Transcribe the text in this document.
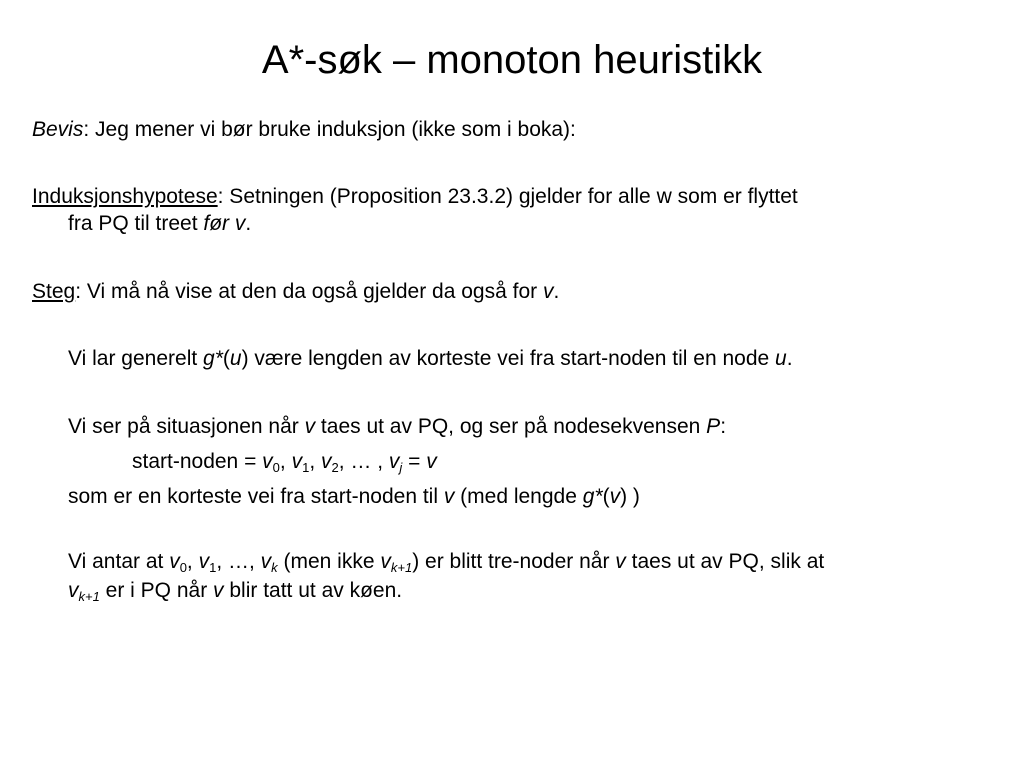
A*-søk – monoton heuristikk
Bevis: Jeg mener vi bør bruke induksjon (ikke som i boka):
Induksjonshypotese: Setningen (Proposition 23.3.2) gjelder for alle w som er flyttet
fra PQ til treet før v.
Steg: Vi må nå vise at den da også gjelder da også for v.
Vi lar generelt g*(u) være lengden av korteste vei fra start-noden til en node u.
Vi ser på situasjonen når v taes ut av PQ, og ser på nodesekvensen P:
start-noden = $v_0$, $v_1$, $v_2$, … , $v_j = v$
som er en korteste vei fra start-noden til v (med lengde g*(v) )
Vi antar at $v_0$, $v_1$, …, $v_k$ (men ikke $v_{k+1}$) er blitt tre-noder når v taes ut av PQ, slik at
$v_{k+1}$ er i PQ når v blir tatt ut av køen.
